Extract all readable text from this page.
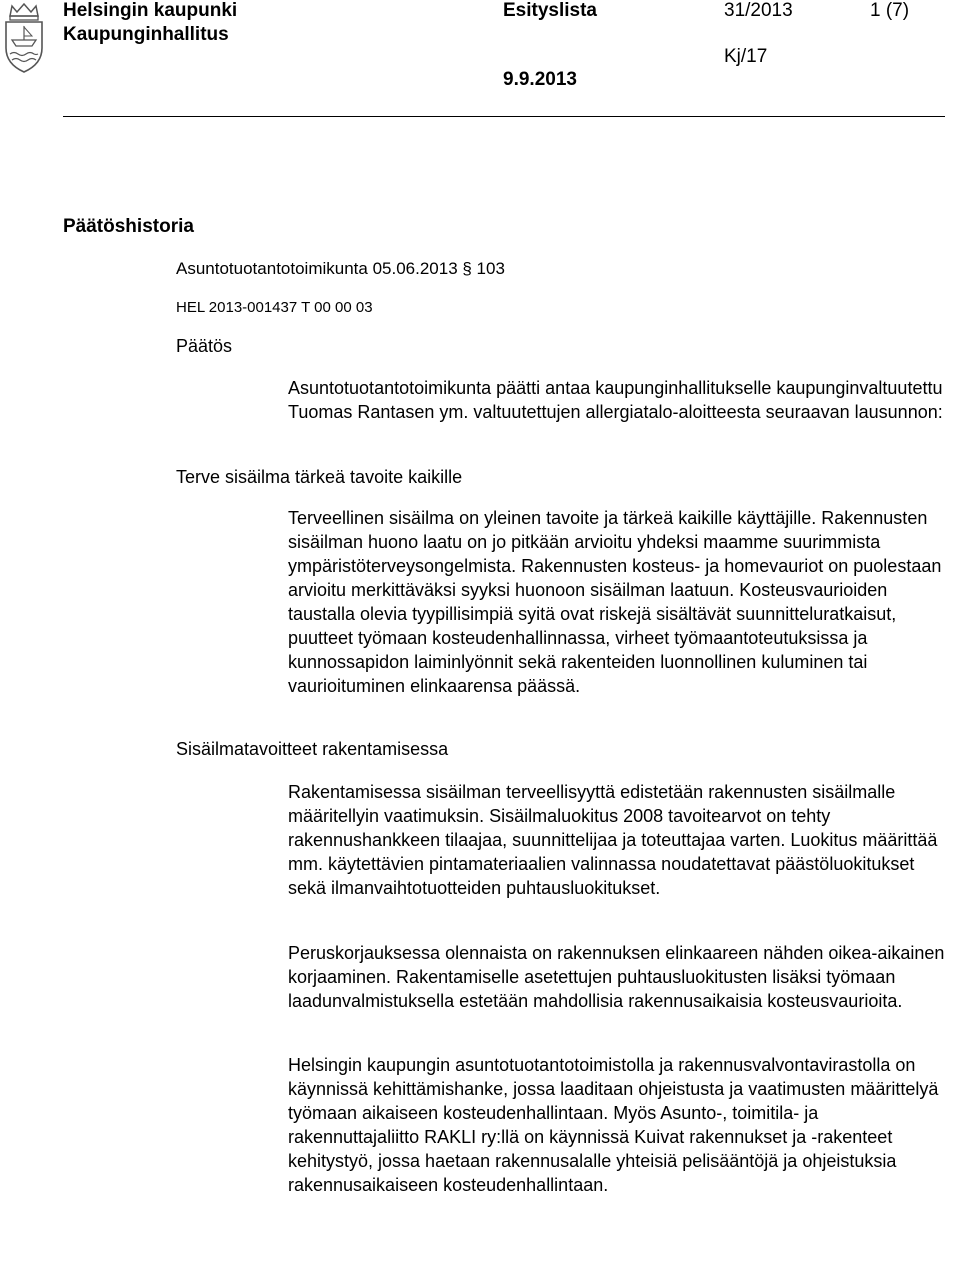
Helsingin kaupunki
Kaupunginhallitus
Esityslista
9.9.2013
31/2013	1 (7)
Kj/17
Päätöshistoria
Asuntotuotantotoimikunta 05.06.2013 § 103
HEL 2013-001437 T 00 00 03
Päätös

Asuntotuotantotoimikunta päätti antaa kaupunginhallitukselle kaupunginvaltuutettu Tuomas Rantasen ym. valtuutettujen allergiatalo-aloitteesta seuraavan lausunnon:

Terve sisäilma tärkeä tavoite kaikille

Terveellinen sisäilma on yleinen tavoite ja tärkeä kaikille käyttäjille. Rakennusten sisäilman huono laatu on jo pitkään arvioitu yhdeksi maamme suurimmista ympäristöterveysongelmista. Rakennusten kosteus- ja homevauriot on puolestaan arvioitu merkittäväksi syyksi huonoon sisäilman laatuun. Kosteusvaurioiden taustalla olevia tyypillisimpiä syitä ovat riskejä sisältävät suunnitteluratkaisut, puutteet työmaan kosteudenhallinnassa, virheet työmaantoteutuksissa ja kunnossapidon laiminlyönnit sekä rakenteiden luonnollinen kuluminen tai vaurioituminen elinkaarensa päässä.

Sisäilmatavoitteet rakentamisessa

Rakentamisessa sisäilman terveellisyyttä edistetään rakennusten sisäilmalle määritellyin vaatimuksin. Sisäilmaluokitus 2008 tavoitearvot on tehty rakennushankkeen tilaajaa, suunnittelijaa ja toteuttajaa varten. Luokitus määrittää mm. käytettävien pintamateriaalien valinnassa noudatettavat päästöluokitukset sekä ilmanvaihtotuotteiden puhtausluokitukset.

Peruskorjauksessa olennaista on rakennuksen elinkaareen nähden oikea-aikainen korjaaminen. Rakentamiselle asetettujen puhtausluokitusten lisäksi työmaan laadunvalmistuksella estetään mahdollisia rakennusaikaisia kosteusvaurioita.

Helsingin kaupungin asuntotuotantotoimistolla ja rakennusvalvontavirastolla on käynnissä kehittämishanke, jossa laaditaan ohjeistusta ja vaatimusten määrittelyä työmaan aikaiseen kosteudenhallintaan. Myös Asunto-, toimitila- ja rakennuttajaliitto RAKLI ry:llä on käynnissä Kuivat rakennukset ja -rakenteet kehitystyö, jossa haetaan rakennusalalle yhteisiä pelisääntöjä ja ohjeistuksia rakennusaikaiseen kosteudenhallintaan.
